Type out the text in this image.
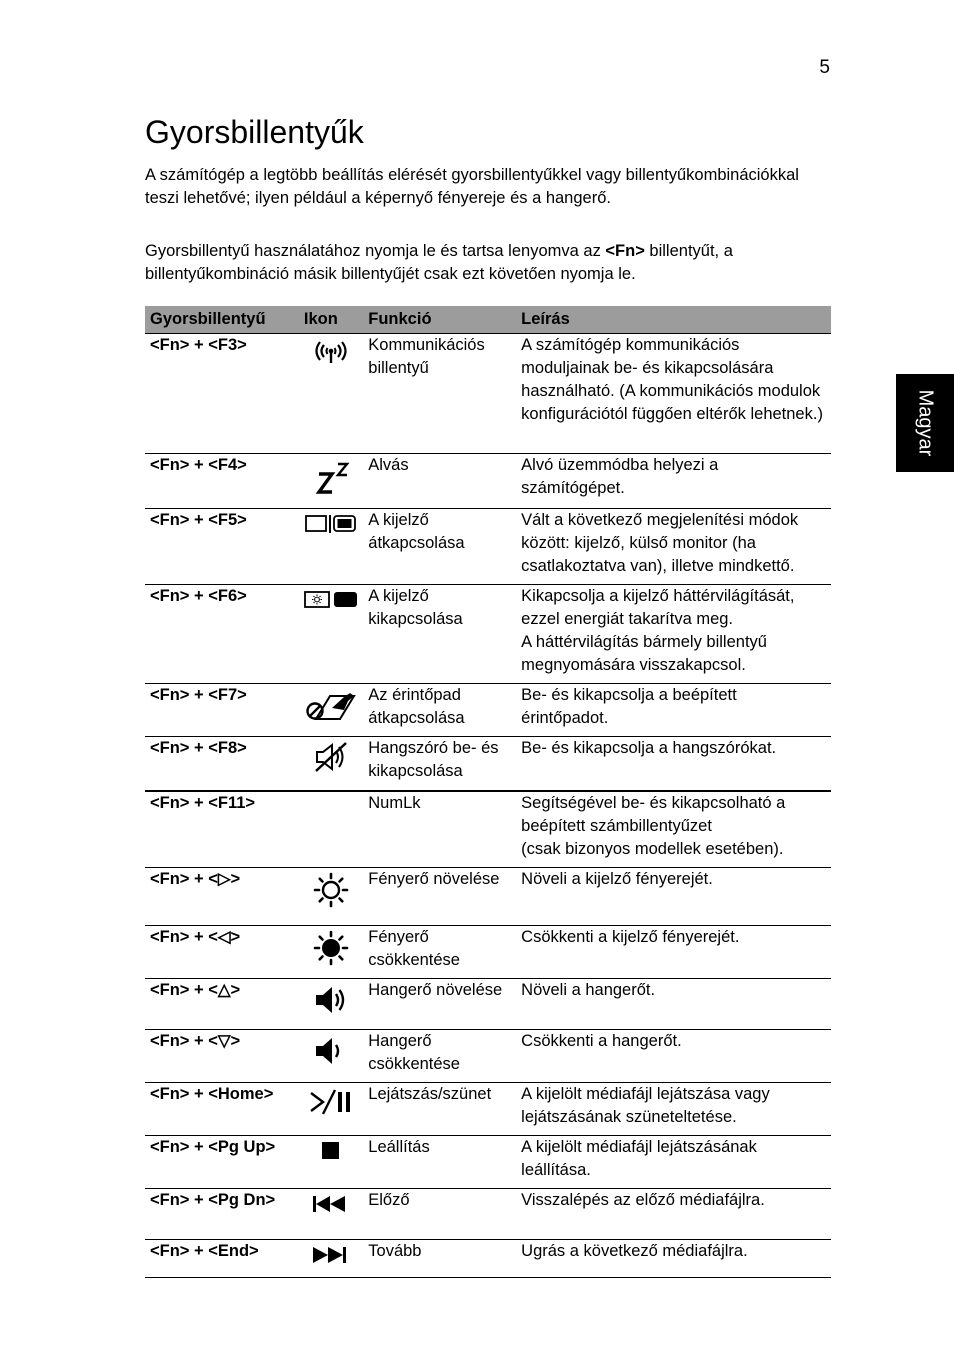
5
Gyorsbillentyűk

A számítógép a legtöbb beállítás elérését gyorsbillentyűkkel vagy billentyűkombinációkkal teszi lehetővé; ilyen például a képernyő fényereje és a hangerő.

Gyorsbillentyű használatához nyomja le és tartsa lenyomva az <Fn> billentyűt, a billentyűkombináció másik billentyűjét csak ezt követően nyomja le.

Magyar
Gyorsbillentyű	Ikon	Funkció	Leírás
<Fn> + <F3>		Kommunikációs billentyű	A számítógép kommunikációs moduljainak be- és kikapcsolására használható. (A kommunikációs modulok konfigurációtól függően eltérők lehetnek.)
<Fn> + <F4>		Alvás	Alvó üzemmódba helyezi a számítógépet.
<Fn> + <F5>		A kijelző átkapcsolása	Vált a következő megjelenítési módok között: kijelző, külső monitor (ha csatlakoztatva van), illetve mindkettő.
<Fn> + <F6>		A kijelző kikapcsolása	Kikapcsolja a kijelző háttérvilágítását, ezzel energiát takarítva meg.
A háttérvilágítás bármely billentyű megnyomására visszakapcsol.
<Fn> + <F7>		Az érintőpad átkapcsolása	Be- és kikapcsolja a beépített érintőpadot.
<Fn> + <F8>		Hangszóró be- és kikapcsolása	Be- és kikapcsolja a hangszórókat.
<Fn> + <F11>		NumLk	Segítségével be- és kikapcsolható a beépített számbillentyűzet
(csak bizonyos modellek esetében).
<Fn> + <▷>		Fényerő növelése	Növeli a kijelző fényerejét.
<Fn> + <◁>		Fényerő csökkentése	Csökkenti a kijelző fényerejét.
<Fn> + <△>		Hangerő növelése	Növeli a hangerőt.
<Fn> + <▽>		Hangerő csökkentése	Csökkenti a hangerőt.
<Fn> + <Home>		Lejátszás/szünet	A kijelölt médiafájl lejátszása vagy lejátszásának szüneteltetése.
<Fn> + <Pg Up>		Leállítás	A kijelölt médiafájl lejátszásának leállítása.
<Fn> + <Pg Dn>		Előző	Visszalépés az előző médiafájlra.
<Fn> + <End>		Tovább	Ugrás a következő médiafájlra.
